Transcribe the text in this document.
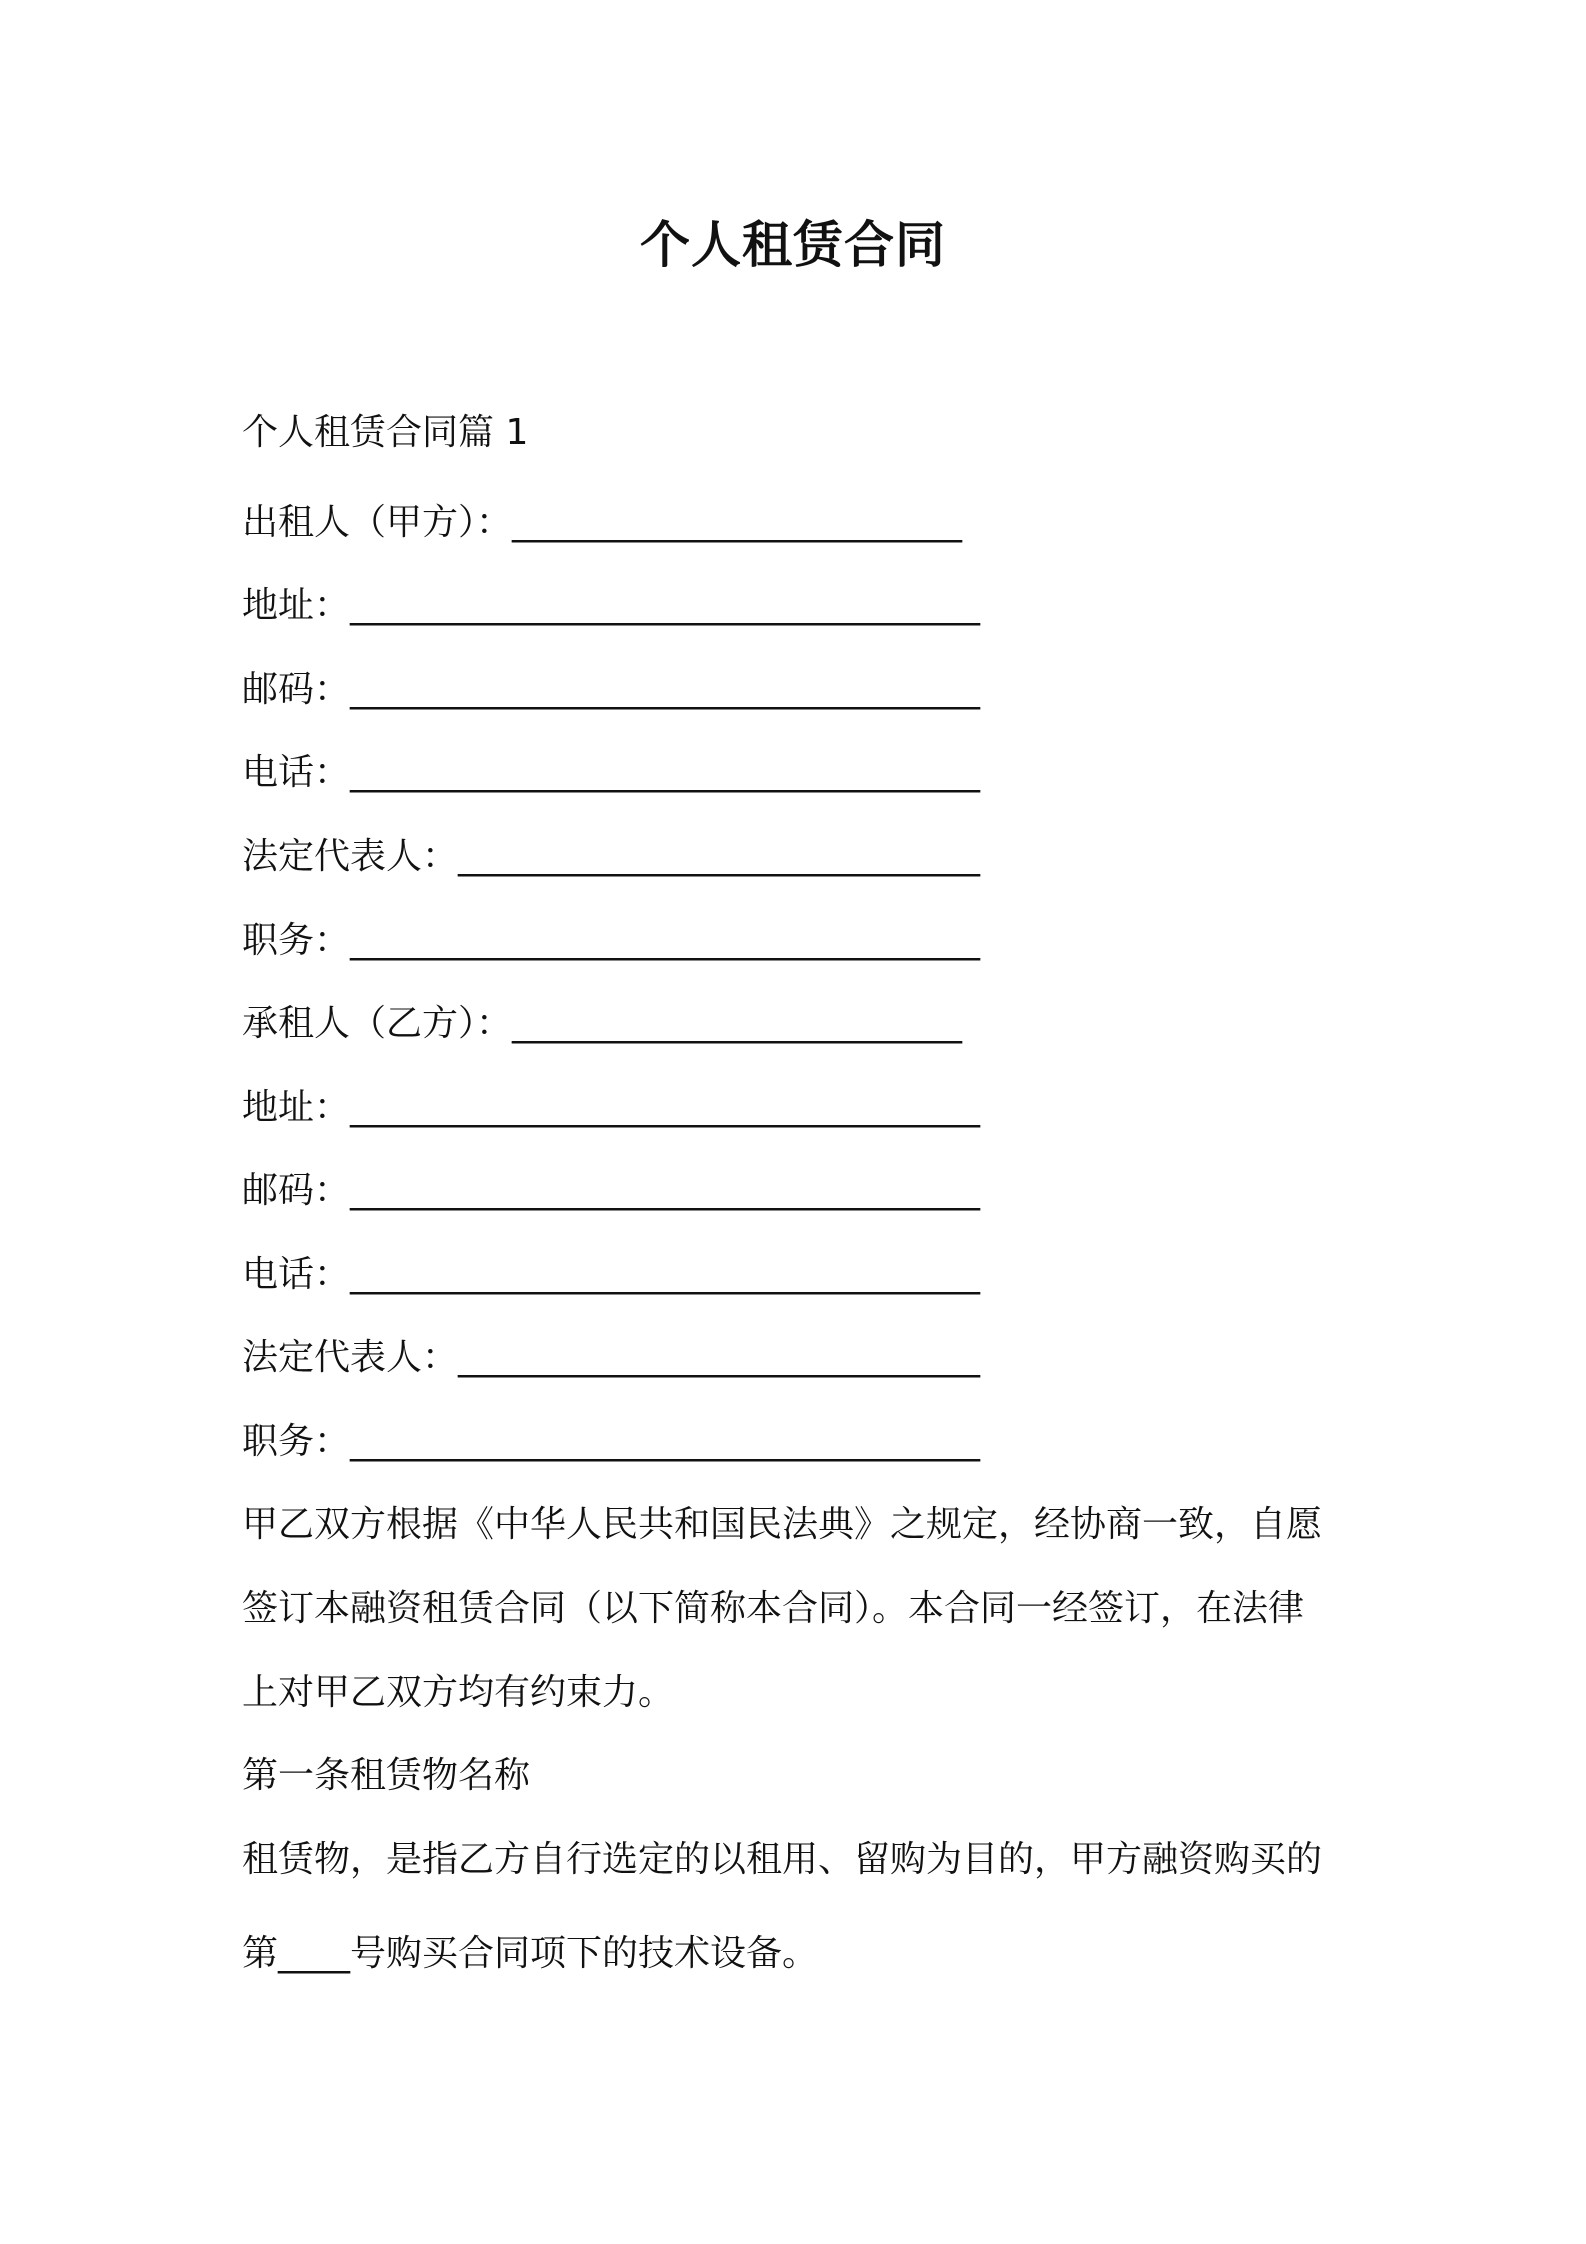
个人租赁合同
个人租赁合同篇 1
出租人（甲方）：_________________________
地址：___________________________________
邮码：___________________________________
电话：___________________________________
法定代表人：_____________________________
职务：___________________________________
承租人（乙方）：_________________________
地址：___________________________________
邮码：___________________________________
电话：___________________________________
法定代表人：_____________________________
职务：___________________________________
甲乙双方根据《中华人民共和国民法典》之规定，经协商一致，自愿
签订本融资租赁合同（以下简称本合同）。本合同一经签订，在法律
上对甲乙双方均有约束力。
第一条租赁物名称
租赁物，是指乙方自行选定的以租用、留购为目的，甲方融资购买的
第____号购买合同项下的技术设备。
